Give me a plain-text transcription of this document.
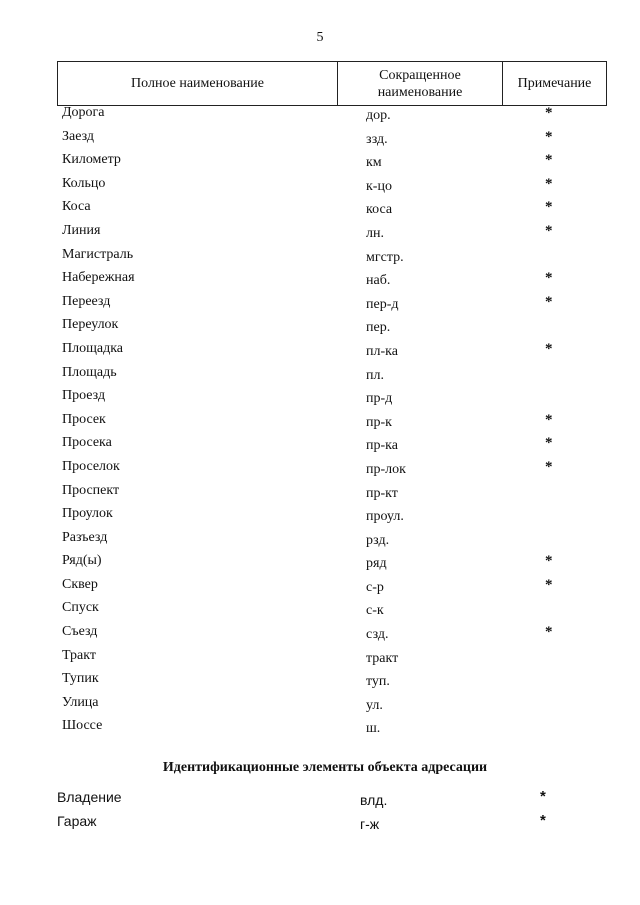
5
Полное наименование	Сокращенное наименование	Примечание
Дорога	дор.	*
Заезд	ззд.	*
Километр	км	*
Кольцо	к-цо	*
Коса	коса	*
Линия	лн.	*
Магистраль	мгстр.
Набережная	наб.	*
Переезд	пер-д	*
Переулок	пер.
Площадка	пл-ка	*
Площадь	пл.
Проезд	пр-д
Просек	пр-к	*
Просека	пр-ка	*
Проселок	пр-лок	*
Проспект	пр-кт
Проулок	проул.
Разъезд	рзд.
Ряд(ы)	ряд	*
Сквер	с-р	*
Спуск	с-к
Съезд	сзд.	*
Тракт	тракт
Тупик	туп.
Улица	ул.
Шоссе	ш.
Идентификационные элементы объекта адресации
Владение	влд.	*
Гараж	г-ж	*
